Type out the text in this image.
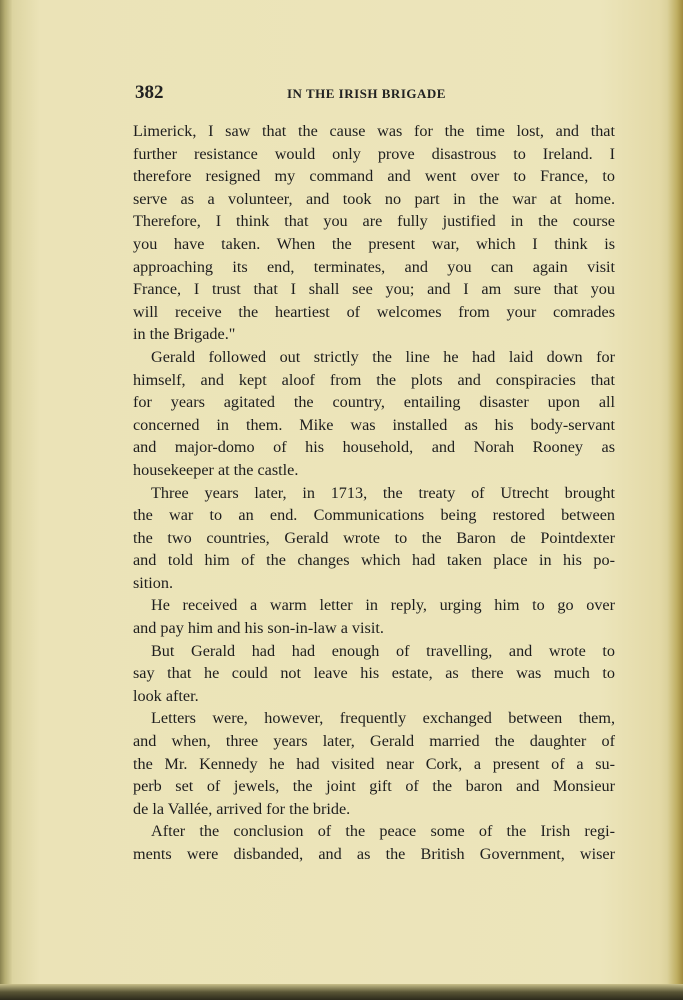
382	IN THE IRISH BRIGADE
Limerick, I saw that the cause was for the time lost, and that
further resistance would only prove disastrous to Ireland. I
therefore resigned my command and went over to France, to
serve as a volunteer, and took no part in the war at home.
Therefore, I think that you are fully justified in the course
you have taken. When the present war, which I think is
approaching its end, terminates, and you can again visit
France, I trust that I shall see you; and I am sure that you
will receive the heartiest of welcomes from your comrades
in the Brigade."
Gerald followed out strictly the line he had laid down for
himself, and kept aloof from the plots and conspiracies that
for years agitated the country, entailing disaster upon all
concerned in them. Mike was installed as his body-servant
and major-domo of his household, and Norah Rooney as
housekeeper at the castle.
Three years later, in 1713, the treaty of Utrecht brought
the war to an end. Communications being restored between
the two countries, Gerald wrote to the Baron de Pointdexter
and told him of the changes which had taken place in his po-
sition.
He received a warm letter in reply, urging him to go over
and pay him and his son-in-law a visit.
But Gerald had had enough of travelling, and wrote to
say that he could not leave his estate, as there was much to
look after.
Letters were, however, frequently exchanged between them,
and when, three years later, Gerald married the daughter of
the Mr. Kennedy he had visited near Cork, a present of a su-
perb set of jewels, the joint gift of the baron and Monsieur
de la Vallée, arrived for the bride.
After the conclusion of the peace some of the Irish regi-
ments were disbanded, and as the British Government, wiser
